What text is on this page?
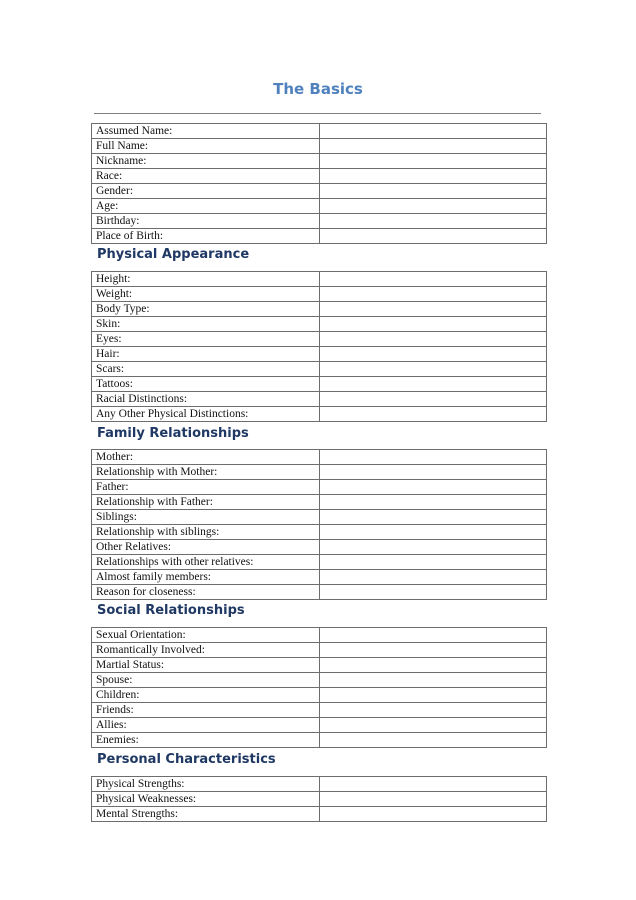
The Basics
Assumed Name:	
Full Name:	
Nickname:	
Race:	
Gender:	
Age:	
Birthday:	
Place of Birth:	
Physical Appearance
Height:	
Weight:	
Body Type:	
Skin:	
Eyes:	
Hair:	
Scars:	
Tattoos:	
Racial Distinctions:	
Any Other Physical Distinctions:	
Family Relationships
Mother:	
Relationship with Mother:	
Father:	
Relationship with Father:	
Siblings:	
Relationship with siblings:	
Other Relatives:	
Relationships with other relatives:	
Almost family members:	
Reason for closeness:	
Social Relationships
Sexual Orientation:	
Romantically Involved:	
Martial Status:	
Spouse:	
Children:	
Friends:	
Allies:	
Enemies:	
Personal Characteristics
Physical Strengths:	
Physical Weaknesses:	
Mental Strengths:	
